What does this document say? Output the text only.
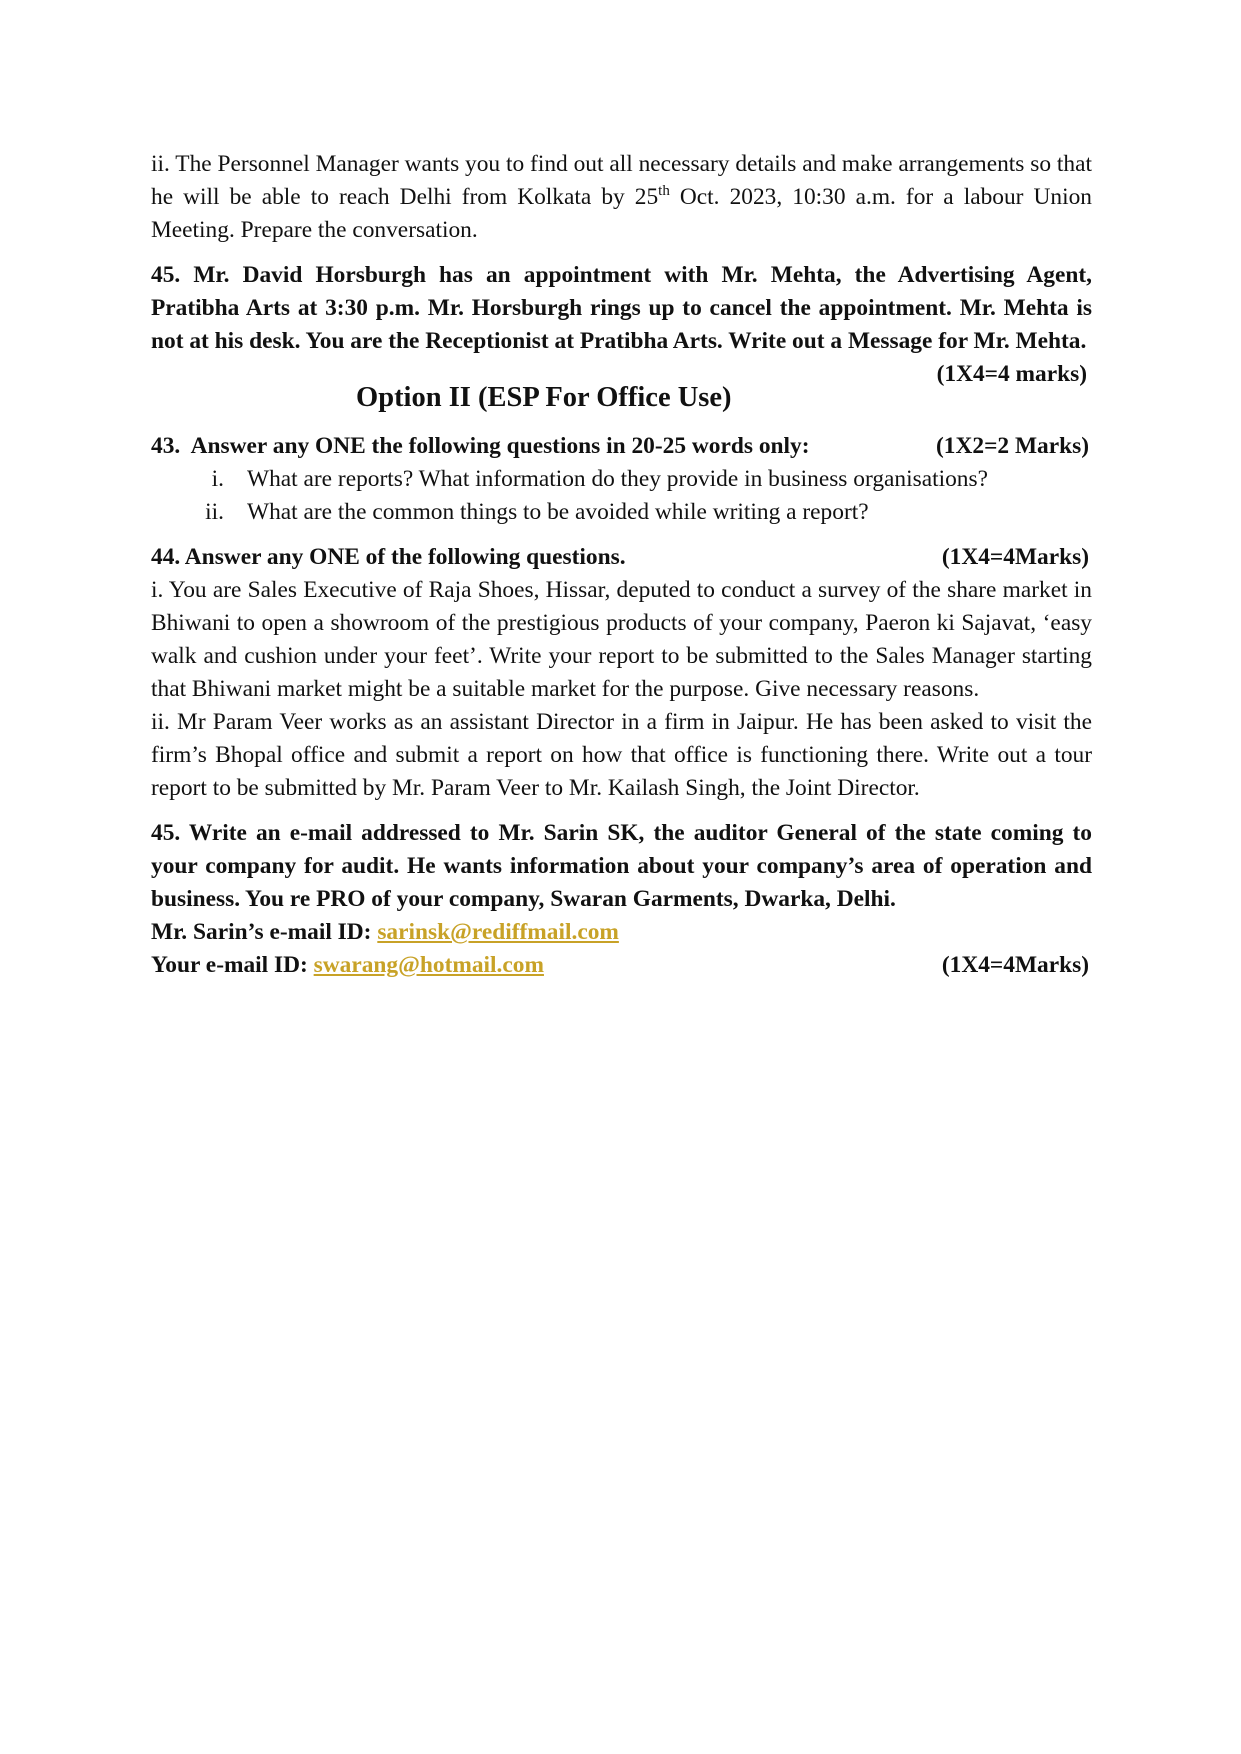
ii. The Personnel Manager wants you to find out all necessary details and make arrangements so that he will be able to reach Delhi from Kolkata by 25th Oct. 2023, 10:30 a.m. for a labour Union Meeting. Prepare the conversation.

45. Mr. David Horsburgh has an appointment with Mr. Mehta, the Advertising Agent, Pratibha Arts at 3:30 p.m. Mr. Horsburgh rings up to cancel the appointment. Mr. Mehta is not at his desk. You are the Receptionist at Pratibha Arts. Write out a Message for Mr. Mehta.
(1X4=4 marks)

Option II (ESP For Office Use)
43. Answer any ONE the following questions in 20-25 words only:	(1X2=2 Marks)
i. What are reports? What information do they provide in business organisations?
ii. What are the common things to be avoided while writing a report?
44. Answer any ONE of the following questions.	(1X4=4Marks)

i. You are Sales Executive of Raja Shoes, Hissar, deputed to conduct a survey of the share market in Bhiwani to open a showroom of the prestigious products of your company, Paeron ki Sajavat, ‘easy walk and cushion under your feet’. Write your report to be submitted to the Sales Manager starting that Bhiwani market might be a suitable market for the purpose. Give necessary reasons.

ii. Mr Param Veer works as an assistant Director in a firm in Jaipur. He has been asked to visit the firm’s Bhopal office and submit a report on how that office is functioning there. Write out a tour report to be submitted by Mr. Param Veer to Mr. Kailash Singh, the Joint Director.

45. Write an e-mail addressed to Mr. Sarin SK, the auditor General of the state coming to your company for audit. He wants information about your company’s area of operation and business. You re PRO of your company, Swaran Garments, Dwarka, Delhi.

Mr. Sarin’s e-mail ID: sarinsk@rediffmail.com

Your e-mail ID: swarang@hotmail.com	(1X4=4Marks)
